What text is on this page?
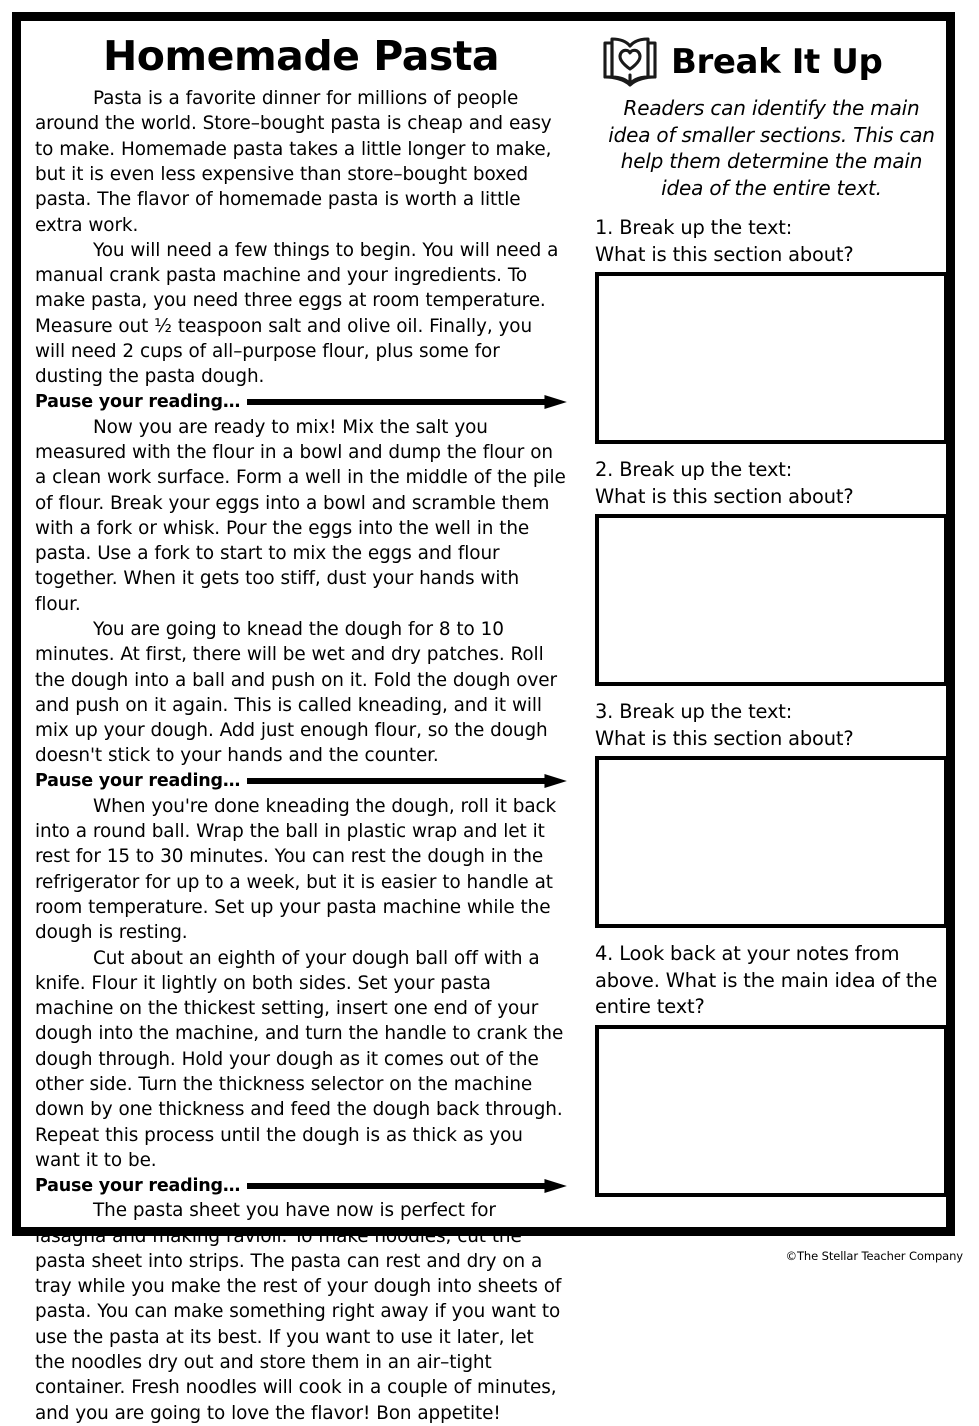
Homemade Pasta

Pasta is a favorite dinner for millions of people around the world. Store–bought pasta is cheap and easy to make. Homemade pasta takes a little longer to make, but it is even less expensive than store–bought boxed pasta. The flavor of homemade pasta is worth a little extra work.

You will need a few things to begin. You will need a manual crank pasta machine and your ingredients. To make pasta, you need three eggs at room temperature. Measure out ½ teaspoon salt and olive oil. Finally, you will need 2 cups of all–purpose flour, plus some for dusting the pasta dough.

Pause your reading…

Now you are ready to mix! Mix the salt you measured with the flour in a bowl and dump the flour on a clean work surface. Form a well in the middle of the pile of flour. Break your eggs into a bowl and scramble them with a fork or whisk. Pour the eggs into the well in the pasta. Use a fork to start to mix the eggs and flour together. When it gets too stiff, dust your hands with flour.

You are going to knead the dough for 8 to 10 minutes. At first, there will be wet and dry patches. Roll the dough into a ball and push on it. Fold the dough over and push on it again. This is called kneading, and it will mix up your dough. Add just enough flour, so the dough doesn't stick to your hands and the counter.

Pause your reading…

When you're done kneading the dough, roll it back into a round ball. Wrap the ball in plastic wrap and let it rest for 15 to 30 minutes. You can rest the dough in the refrigerator for up to a week, but it is easier to handle at room temperature. Set up your pasta machine while the dough is resting.

Cut about an eighth of your dough ball off with a knife. Flour it lightly on both sides. Set your pasta machine on the thickest setting, insert one end of your dough into the machine, and turn the handle to crank the dough through. Hold your dough as it comes out of the other side. Turn the thickness selector on the machine down by one thickness and feed the dough back through. Repeat this process until the dough is as thick as you want it to be.

Pause your reading…

The pasta sheet you have now is perfect for lasagna and making ravioli. To make noodles, cut the pasta sheet into strips. The pasta can rest and dry on a tray while you make the rest of your dough into sheets of pasta. You can make something right away if you want to use the pasta at its best. If you want to use it later, let the noodles dry out and store them in an air–tight container. Fresh noodles will cook in a couple of minutes, and you are going to love the flavor! Bon appetite!

Break It Up
Readers can identify the main idea of smaller sections. This can help them determine the main idea of the entire text.
1. Break up the text:
What is this section about?
2. Break up the text:
What is this section about?
3. Break up the text:
What is this section about?
4. Look back at your notes from above. What is the main idea of the entire text?
©The Stellar Teacher Company
